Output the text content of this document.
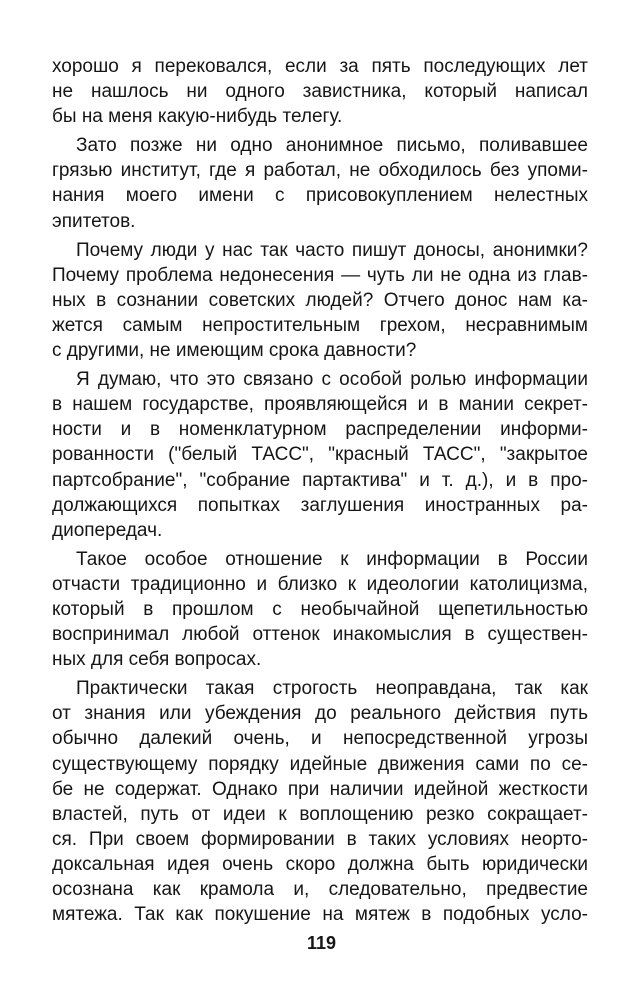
хорошо я перековался, если за пять последующих лет
не нашлось ни одного завистника, который написал
бы на меня какую-нибудь телегу.
Зато позже ни одно анонимное письмо, поливавшее
грязью институт, где я работал, не обходилось без упоми-
нания моего имени с присовокуплением нелестных
эпитетов.
Почему люди у нас так часто пишут доносы, анонимки?
Почему проблема недонесения — чуть ли не одна из глав-
ных в сознании советских людей? Отчего донос нам ка-
жется самым непростительным грехом, несравнимым
с другими, не имеющим срока давности?
Я думаю, что это связано с особой ролью информации
в нашем государстве, проявляющейся и в мании секрет-
ности и в номенклатурном распределении информи-
рованности ("белый ТАСС", "красный ТАСС", "закрытое
партсобрание", "собрание партактива" и т. д.), и в про-
должающихся попытках заглушения иностранных ра-
диопередач.
Такое особое отношение к информации в России
отчасти традиционно и близко к идеологии католицизма,
который в прошлом с необычайной щепетильностью
воспринимал любой оттенок инакомыслия в существен-
ных для себя вопросах.
Практически такая строгость неоправдана, так как
от знания или убеждения до реального действия путь
обычно далекий очень, и непосредственной угрозы
существующему порядку идейные движения сами по се-
бе не содержат. Однако при наличии идейной жесткости
властей, путь от идеи к воплощению резко сокращает-
ся. При своем формировании в таких условиях неорто-
доксальная идея очень скоро должна быть юридически
осознана как крамола и, следовательно, предвестие
мятежа. Так как покушение на мятеж в подобных усло-
119
